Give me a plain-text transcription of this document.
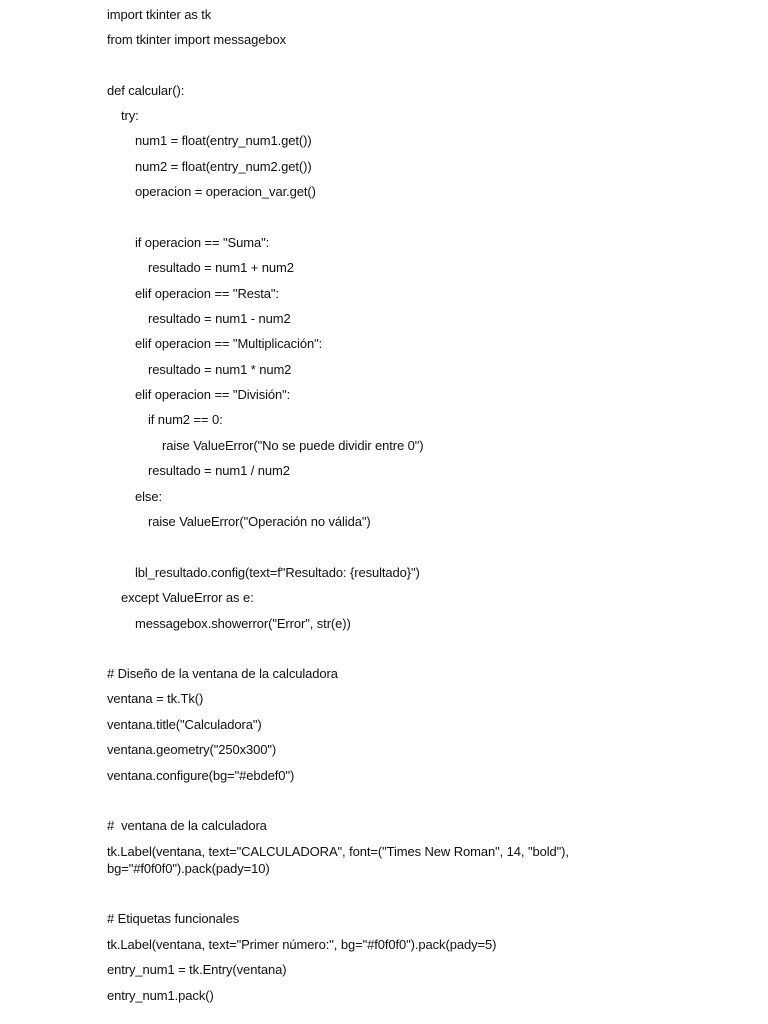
import tkinter as tk
from tkinter import messagebox
def calcular():
try:
num1 = float(entry_num1.get())
num2 = float(entry_num2.get())
operacion = operacion_var.get()
if operacion == "Suma":
resultado = num1 + num2
elif operacion == "Resta":
resultado = num1 - num2
elif operacion == "Multiplicación":
resultado = num1 * num2
elif operacion == "División":
if num2 == 0:
raise ValueError("No se puede dividir entre 0")
resultado = num1 / num2
else:
raise ValueError("Operación no válida")
lbl_resultado.config(text=f"Resultado: {resultado}")
except ValueError as e:
messagebox.showerror("Error", str(e))
# Diseño de la ventana de la calculadora
ventana = tk.Tk()
ventana.title("Calculadora")
ventana.geometry("250x300")
ventana.configure(bg="#ebdef0")
#  ventana de la calculadora
tk.Label(ventana, text="CALCULADORA", font=("Times New Roman", 14, "bold"),
bg="#f0f0f0").pack(pady=10)
# Etiquetas funcionales
tk.Label(ventana, text="Primer número:", bg="#f0f0f0").pack(pady=5)
entry_num1 = tk.Entry(ventana)
entry_num1.pack()
